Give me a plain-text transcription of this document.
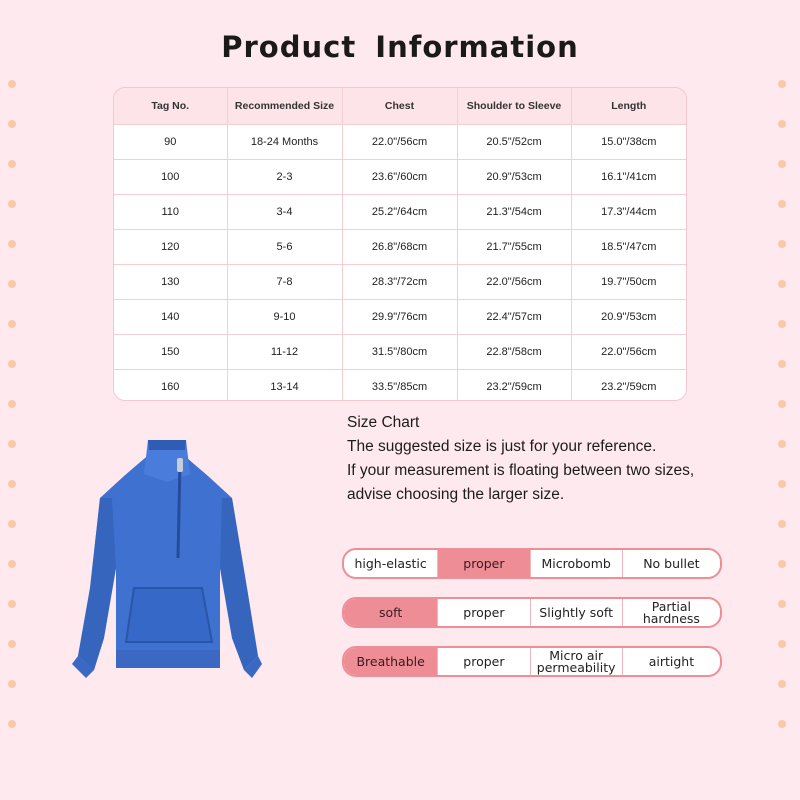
Product Information
Tag No.	Recommended Size	Chest	Shoulder to Sleeve	Length
90	18-24 Months	22.0"/56cm	20.5"/52cm	15.0"/38cm
100	2-3	23.6"/60cm	20.9"/53cm	16.1"/41cm
110	3-4	25.2"/64cm	21.3"/54cm	17.3"/44cm
120	5-6	26.8"/68cm	21.7"/55cm	18.5"/47cm
130	7-8	28.3"/72cm	22.0"/56cm	19.7"/50cm
140	9-10	29.9"/76cm	22.4"/57cm	20.9"/53cm
150	11-12	31.5"/80cm	22.8"/58cm	22.0"/56cm
160	13-14	33.5"/85cm	23.2"/59cm	23.2"/59cm
Size Chart
The suggested size is just for your reference.
If your measurement is floating between two sizes,
advise choosing the larger size.
high-elastic	proper	Microbomb	No bullet
soft	proper	Slightly soft	Partial hardness
Breathable	proper	Micro air permeability	airtight
